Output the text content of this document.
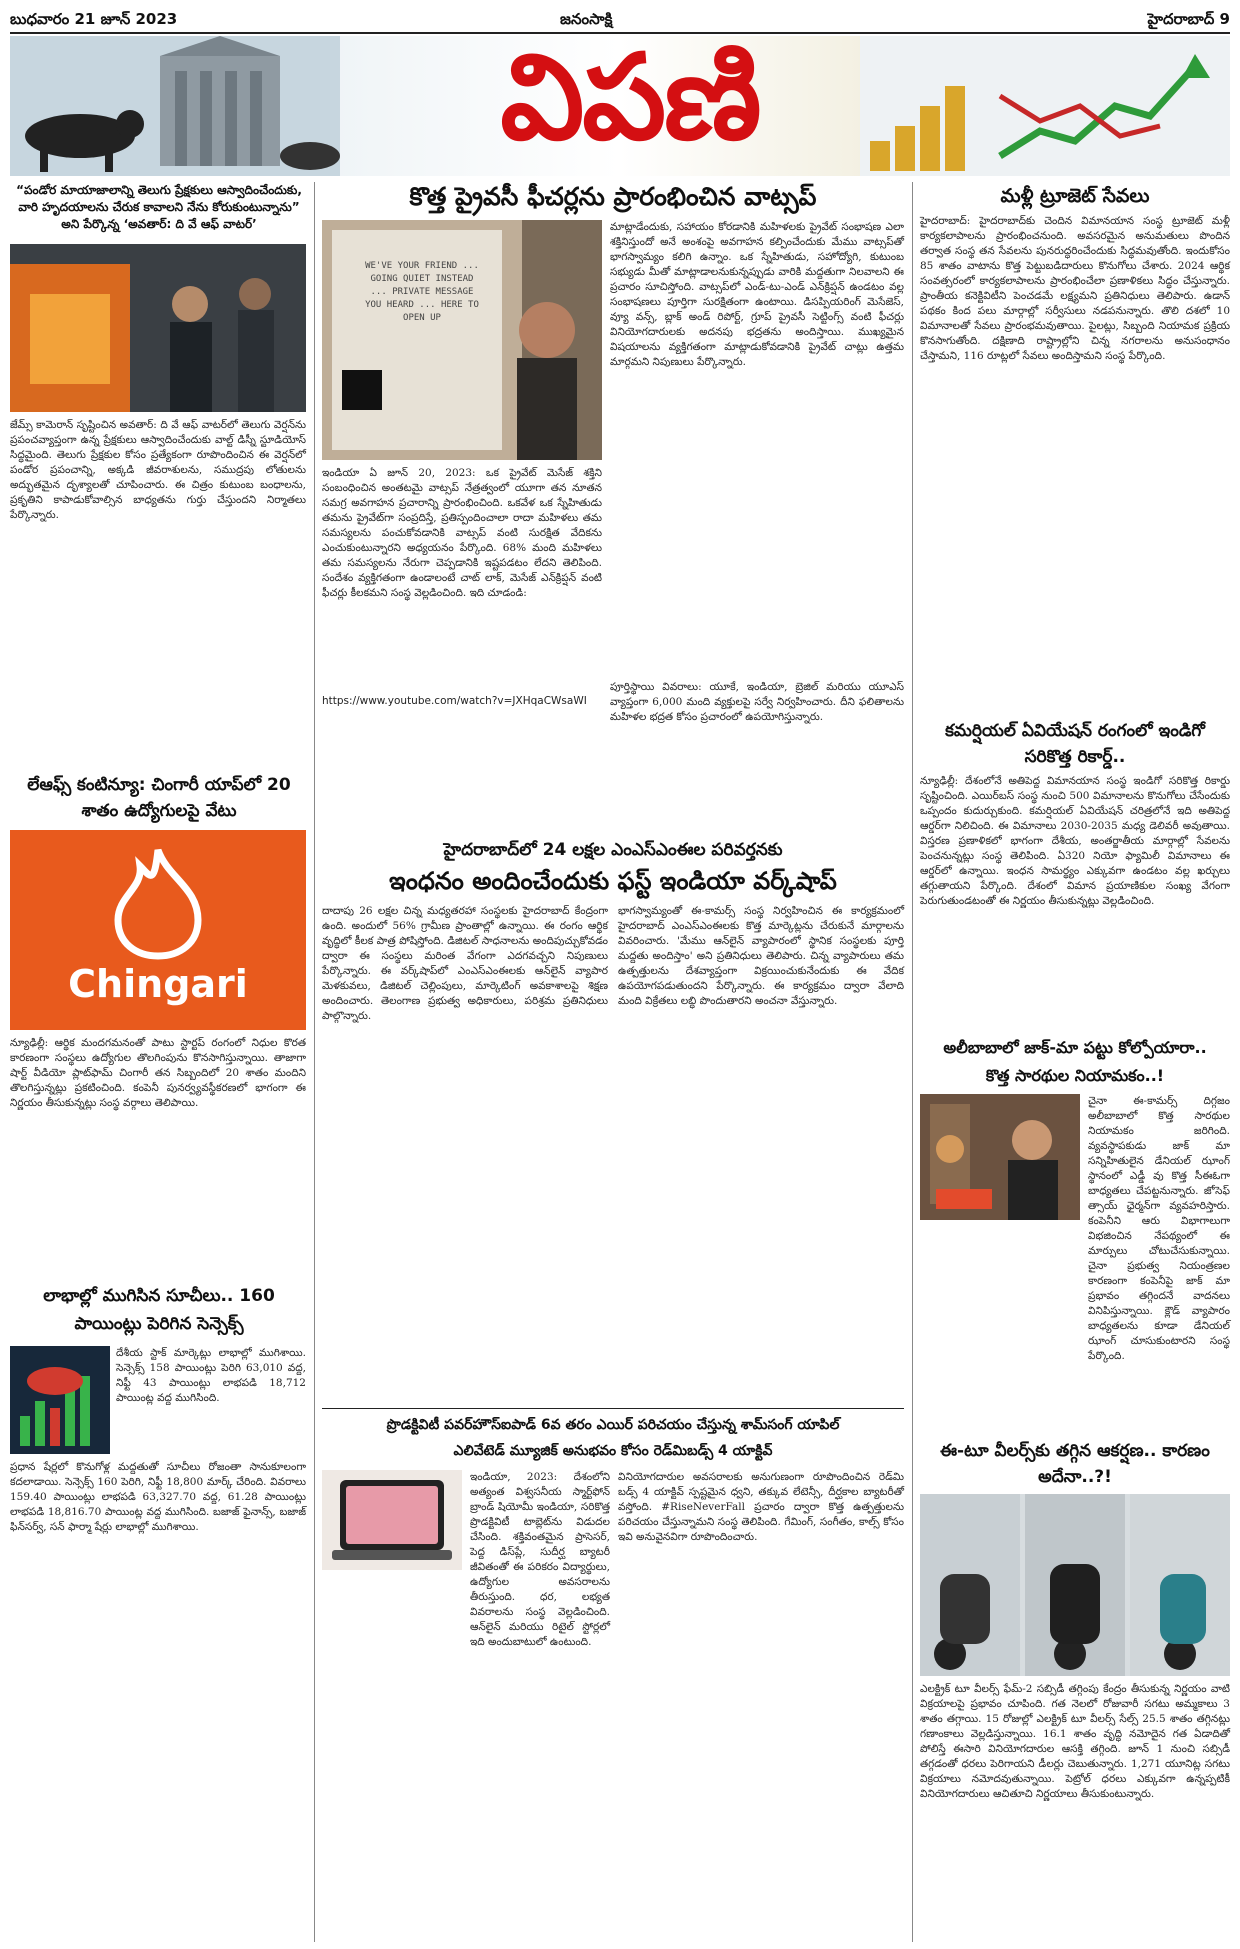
బుధవారం 21 జూన్ 2023	జనంసాక్షి	హైదరాబాద్ 9
విపణి
“పండోర మాయాజాలాన్ని తెలుగు ప్రేక్షకులు ఆస్వాదించేందుకు, వారి హృదయాలను చేరుక కావాలని నేను కోరుకుంటున్నాను” అని పేర్కొన్న ‘అవతార్: ది వే ఆఫ్ వాటర్’
జేమ్స్ కామెరాన్ సృష్టించిన అవతార్: ది వే ఆఫ్ వాటర్‌లో తెలుగు వెర్షన్‌ను ప్రపంచవ్యాప్తంగా ఉన్న ప్రేక్షకులు ఆస్వాదించేందుకు వాల్ట్ డిస్నీ స్టూడియోస్ సిద్ధమైంది. తెలుగు ప్రేక్షకుల కోసం ప్రత్యేకంగా రూపొందించిన ఈ వెర్షన్‌లో పండోర ప్రపంచాన్ని, అక్కడి జీవరాశులను, సముద్రపు లోతులను అద్భుతమైన దృశ్యాలతో చూపించారు. ఈ చిత్రం కుటుంబ బంధాలను, ప్రకృతిని కాపాడుకోవాల్సిన బాధ్యతను గుర్తు చేస్తుందని నిర్మాతలు పేర్కొన్నారు.
లేఆఫ్స్ కంటిన్యూ: చింగారీ యాప్‌లో 20 శాతం ఉద్యోగులపై వేటు
Chingari
న్యూఢిల్లీ: ఆర్థిక మందగమనంతో పాటు స్టార్టప్ రంగంలో నిధుల కొరత కారణంగా సంస్థలు ఉద్యోగుల తొలగింపును కొనసాగిస్తున్నాయి. తాజాగా షార్ట్ వీడియో ప్లాట్‌ఫామ్ చింగారీ తన సిబ్బందిలో 20 శాతం మందిని తొలగిస్తున్నట్లు ప్రకటించింది. కంపెనీ పునర్వ్యవస్థీకరణలో భాగంగా ఈ నిర్ణయం తీసుకున్నట్లు సంస్థ వర్గాలు తెలిపాయి.
లాభాల్లో ముగిసిన సూచీలు.. 160 పాయింట్లు పెరిగిన సెన్సెక్స్
దేశీయ స్టాక్ మార్కెట్లు లాభాల్లో ముగిశాయి. సెన్సెక్స్ 158 పాయింట్లు పెరిగి 63,010 వద్ద, నిఫ్టీ 43 పాయింట్లు లాభపడి 18,712 పాయింట్ల వద్ద ముగిసింది.
ప్రధాన షేర్లలో కొనుగోళ్ల మద్దతుతో సూచీలు రోజంతా సానుకూలంగా కదలాడాయి. సెన్సెక్స్ 160 పెరిగి, నిఫ్టీ 18,800 మార్క్ చేరింది. వివరాలు 159.40 పాయింట్లు లాభపడి 63,327.70 వద్ద, 61.28 పాయింట్లు లాభపడి 18,816.70 పాయింట్ల వద్ద ముగిసింది. బజాజ్ ఫైనాన్స్, బజాజ్ ఫిన్‌సర్వ్, సన్ ఫార్మా షేర్లు లాభాల్లో ముగిశాయి.
కొత్త ప్రైవసీ ఫీచర్లను ప్రారంభించిన వాట్సప్
WE'VE YOUR FRIEND ... GOING QUIET INSTEAD ... PRIVATE MESSAGE YOU HEARD ... HERE TO OPEN UP
ఇండియా ఏ జూన్ 20, 2023: ఒక ప్రైవేట్ మెసేజ్ శక్తిని సంబంధించిన అంతటమై వాట్సప్ నేత్రత్వంలో యూగా తన నూతన సమగ్ర అవగాహన ప్రచారాన్ని ప్రారంభించింది. ఒకవేళ ఒక స్నేహితుడు తమను ప్రైవేట్‌గా సంప్రదిస్తే, ప్రతిస్పందించాలా రాదా మహిళలు తమ సమస్యలను పంచుకోవడానికి వాట్సప్ వంటి సురక్షిత వేదికను ఎంచుకుంటున్నారని అధ్యయనం పేర్కొంది. 68% మంది మహిళలు తమ సమస్యలను నేరుగా చెప్పడానికి ఇష్టపడటం లేదని తెలిపింది. సందేశం వ్యక్తిగతంగా ఉండాలంటే చాట్ లాక్, మెసేజ్ ఎన్‌క్రిప్షన్ వంటి ఫీచర్లు కీలకమని సంస్థ వెల్లడించింది. ఇది చూడండి:
https://www.youtube.com/watch?v=JXHqaCWsaWI
మాట్లాడేందుకు, సహాయం కోరడానికి మహిళలకు ప్రైవేట్ సంభాషణ ఎలా శక్తినిస్తుందో అనే అంశంపై అవగాహన కల్పించేందుకు మేము వాట్సప్‌తో భాగస్వామ్యం కలిగి ఉన్నాం. ఒక స్నేహితుడు, సహోద్యోగి, కుటుంబ సభ్యుడు మీతో మాట్లాడాలనుకున్నప్పుడు వారికి మద్దతుగా నిలవాలని ఈ ప్రచారం సూచిస్తోంది. వాట్సప్‌లో ఎండ్-టు-ఎండ్ ఎన్‌క్రిప్షన్ ఉండటం వల్ల సంభాషణలు పూర్తిగా సురక్షితంగా ఉంటాయి. డిసప్పియరింగ్ మెసేజెస్, వ్యూ వన్స్, బ్లాక్ అండ్ రిపోర్ట్, గ్రూప్ ప్రైవసీ సెట్టింగ్స్ వంటి ఫీచర్లు వినియోగదారులకు అదనపు భద్రతను అందిస్తాయి. ముఖ్యమైన విషయాలను వ్యక్తిగతంగా మాట్లాడుకోవడానికి ప్రైవేట్ చాట్లు ఉత్తమ మార్గమని నిపుణులు పేర్కొన్నారు.
పూర్తిస్థాయి వివరాలు: యూకే, ఇండియా, బ్రెజిల్ మరియు యూఎస్ వ్యాప్తంగా 6,000 మంది వ్యక్తులపై సర్వే నిర్వహించారు. దీని ఫలితాలను మహిళల భద్రత కోసం ప్రచారంలో ఉపయోగిస్తున్నారు.
హైదరాబాద్‌లో 24 లక్షల ఎంఎస్ఎంఈల పరివర్తనకు
ఇంధనం అందించేందుకు ఫస్ట్ ఇండియా వర్క్‌షాప్
దాదాపు 26 లక్షల చిన్న మధ్యతరహా సంస్థలకు హైదరాబాద్ కేంద్రంగా ఉంది. అందులో 56% గ్రామీణ ప్రాంతాల్లో ఉన్నాయి. ఈ రంగం ఆర్థిక వృద్ధిలో కీలక పాత్ర పోషిస్తోంది. డిజిటల్ సాధనాలను అందిపుచ్చుకోవడం ద్వారా ఈ సంస్థలు మరింత వేగంగా ఎదగవచ్చని నిపుణులు పేర్కొన్నారు. ఈ వర్క్‌షాప్‌లో ఎంఎస్ఎంఈలకు ఆన్‌లైన్ వ్యాపార మెళకువలు, డిజిటల్ చెల్లింపులు, మార్కెటింగ్ అవకాశాలపై శిక్షణ అందించారు. తెలంగాణ ప్రభుత్వ అధికారులు, పరిశ్రమ ప్రతినిధులు పాల్గొన్నారు.
భాగస్వామ్యంతో ఈ-కామర్స్ సంస్థ నిర్వహించిన ఈ కార్యక్రమంలో హైదరాబాద్ ఎంఎస్ఎంఈలకు కొత్త మార్కెట్లను చేరుకునే మార్గాలను వివరించారు. 'మేము ఆన్‌లైన్ వ్యాపారంలో స్థానిక సంస్థలకు పూర్తి మద్దతు అందిస్తాం' అని ప్రతినిధులు తెలిపారు. చిన్న వ్యాపారులు తమ ఉత్పత్తులను దేశవ్యాప్తంగా విక్రయించుకునేందుకు ఈ వేదిక ఉపయోగపడుతుందని పేర్కొన్నారు. ఈ కార్యక్రమం ద్వారా వేలాది మంది విక్రేతలు లబ్ధి పొందుతారని అంచనా వేస్తున్నారు.
ప్రొడక్టివిటీ పవర్‌హౌస్ఐపాడ్ 6వ తరం ఎయిర్ పరిచయం చేస్తున్న శామ్‌సంగ్ యాపిల్
ఎలివేటెడ్ మ్యూజిక్ అనుభవం కోసం రెడ్‌మిబడ్స్ 4 యాక్టివ్
ఇండియా, 2023: దేశంలోని అత్యంత విశ్వసనీయ స్మార్ట్‌ఫోన్ బ్రాండ్ షియోమీ ఇండియా, సరికొత్త ప్రొడక్టివిటీ టాబ్లెట్‌ను విడుదల చేసింది. శక్తివంతమైన ప్రాసెసర్, పెద్ద డిస్‌ప్లే, సుదీర్ఘ బ్యాటరీ జీవితంతో ఈ పరికరం విద్యార్థులు, ఉద్యోగుల అవసరాలను తీరుస్తుంది. ధర, లభ్యత వివరాలను సంస్థ వెల్లడించింది. ఆన్‌లైన్ మరియు రిటైల్ స్టోర్లలో ఇది అందుబాటులో ఉంటుంది.
వినియోగదారుల అవసరాలకు అనుగుణంగా రూపొందించిన రెడ్‌మి బడ్స్ 4 యాక్టివ్ స్పష్టమైన ధ్వని, తక్కువ లేటెన్సీ, దీర్ఘకాల బ్యాటరీతో వస్తోంది. #RiseNeverFall ప్రచారం ద్వారా కొత్త ఉత్పత్తులను పరిచయం చేస్తున్నామని సంస్థ తెలిపింది. గేమింగ్, సంగీతం, కాల్స్ కోసం ఇవి అనువైనవిగా రూపొందించారు.
మళ్లీ ట్రూజెట్ సేవలు
హైదరాబాద్: హైదరాబాద్‌కు చెందిన విమానయాన సంస్థ ట్రూజెట్ మళ్లీ కార్యకలాపాలను ప్రారంభించనుంది. అవసరమైన అనుమతులు పొందిన తర్వాత సంస్థ తన సేవలను పునరుద్ధరించేందుకు సిద్ధమవుతోంది. ఇందుకోసం 85 శాతం వాటాను కొత్త పెట్టుబడిదారులు కొనుగోలు చేశారు. 2024 ఆర్థిక సంవత్సరంలో కార్యకలాపాలను ప్రారంభించేలా ప్రణాళికలు సిద్ధం చేస్తున్నారు. ప్రాంతీయ కనెక్టివిటీని పెంచడమే లక్ష్యమని ప్రతినిధులు తెలిపారు. ఉడాన్ పథకం కింద పలు మార్గాల్లో సర్వీసులు నడపనున్నారు. తొలి దశలో 10 విమానాలతో సేవలు ప్రారంభమవుతాయి. పైలట్లు, సిబ్బంది నియామక ప్రక్రియ కొనసాగుతోంది. దక్షిణాది రాష్ట్రాల్లోని చిన్న నగరాలను అనుసంధానం చేస్తామని, 116 రూట్లలో సేవలు అందిస్తామని సంస్థ పేర్కొంది.
కమర్షియల్ ఏవియేషన్ రంగంలో ఇండిగో సరికొత్త రికార్డ్..
న్యూఢిల్లీ: దేశంలోనే అతిపెద్ద విమానయాన సంస్థ ఇండిగో సరికొత్త రికార్డు సృష్టించింది. ఎయిర్‌బస్ సంస్థ నుంచి 500 విమానాలను కొనుగోలు చేసేందుకు ఒప్పందం కుదుర్చుకుంది. కమర్షియల్ ఏవియేషన్ చరిత్రలోనే ఇది అతిపెద్ద ఆర్డర్‌గా నిలిచింది. ఈ విమానాలు 2030-2035 మధ్య డెలివరీ అవుతాయి. విస్తరణ ప్రణాళికలో భాగంగా దేశీయ, అంతర్జాతీయ మార్గాల్లో సేవలను పెంచనున్నట్లు సంస్థ తెలిపింది. ఏ320 నియో ఫ్యామిలీ విమానాలు ఈ ఆర్డర్‌లో ఉన్నాయి. ఇంధన సామర్థ్యం ఎక్కువగా ఉండటం వల్ల ఖర్చులు తగ్గుతాయని పేర్కొంది. దేశంలో విమాన ప్రయాణికుల సంఖ్య వేగంగా పెరుగుతుండటంతో ఈ నిర్ణయం తీసుకున్నట్లు వెల్లడించింది.
అలీబాబాలో జాక్‌-మా పట్టు కోల్పోయారా..
కొత్త సారథుల నియామకం..!
చైనా ఈ-కామర్స్ దిగ్గజం అలీబాబాలో కొత్త సారథుల నియామకం జరిగింది. వ్యవస్థాపకుడు జాక్ మా సన్నిహితులైన డేనియల్ ఝాంగ్ స్థానంలో ఎడ్డీ వు కొత్త సీఈఓగా బాధ్యతలు చేపట్టనున్నారు. జోసెఫ్ త్సాయ్ ఛైర్మన్‌గా వ్యవహరిస్తారు. కంపెనీని ఆరు విభాగాలుగా విభజించిన నేపథ్యంలో ఈ మార్పులు చోటుచేసుకున్నాయి. చైనా ప్రభుత్వ నియంత్రణల కారణంగా కంపెనీపై జాక్ మా ప్రభావం తగ్గిందనే వాదనలు వినిపిస్తున్నాయి. క్లౌడ్ వ్యాపారం బాధ్యతలను కూడా డేనియల్ ఝాంగ్ చూసుకుంటారని సంస్థ పేర్కొంది.
ఈ-టూ వీలర్స్‌కు తగ్గిన ఆకర్షణ.. కారణం అదేనా..?!
ఎలక్ట్రిక్ టూ వీలర్స్ ఫేమ్-2 సబ్సిడీ తగ్గింపు కేంద్రం తీసుకున్న నిర్ణయం వాటి విక్రయాలపై ప్రభావం చూపింది. గత నెలలో రోజువారీ సగటు అమ్మకాలు 3 శాతం తగ్గాయి. 15 రోజుల్లో ఎలక్ట్రిక్ టూ వీలర్స్ సేల్స్ 25.5 శాతం తగ్గినట్లు గణాంకాలు వెల్లడిస్తున్నాయి. 16.1 శాతం వృద్ధి నమోదైన గత ఏడాదితో పోలిస్తే ఈసారి వినియోగదారుల ఆసక్తి తగ్గింది. జూన్ 1 నుంచి సబ్సిడీ తగ్గడంతో ధరలు పెరిగాయని డీలర్లు చెబుతున్నారు. 1,271 యూనిట్ల సగటు విక్రయాలు నమోదవుతున్నాయి. పెట్రోల్ ధరలు ఎక్కువగా ఉన్నప్పటికీ వినియోగదారులు ఆచితూచి నిర్ణయాలు తీసుకుంటున్నారు.
